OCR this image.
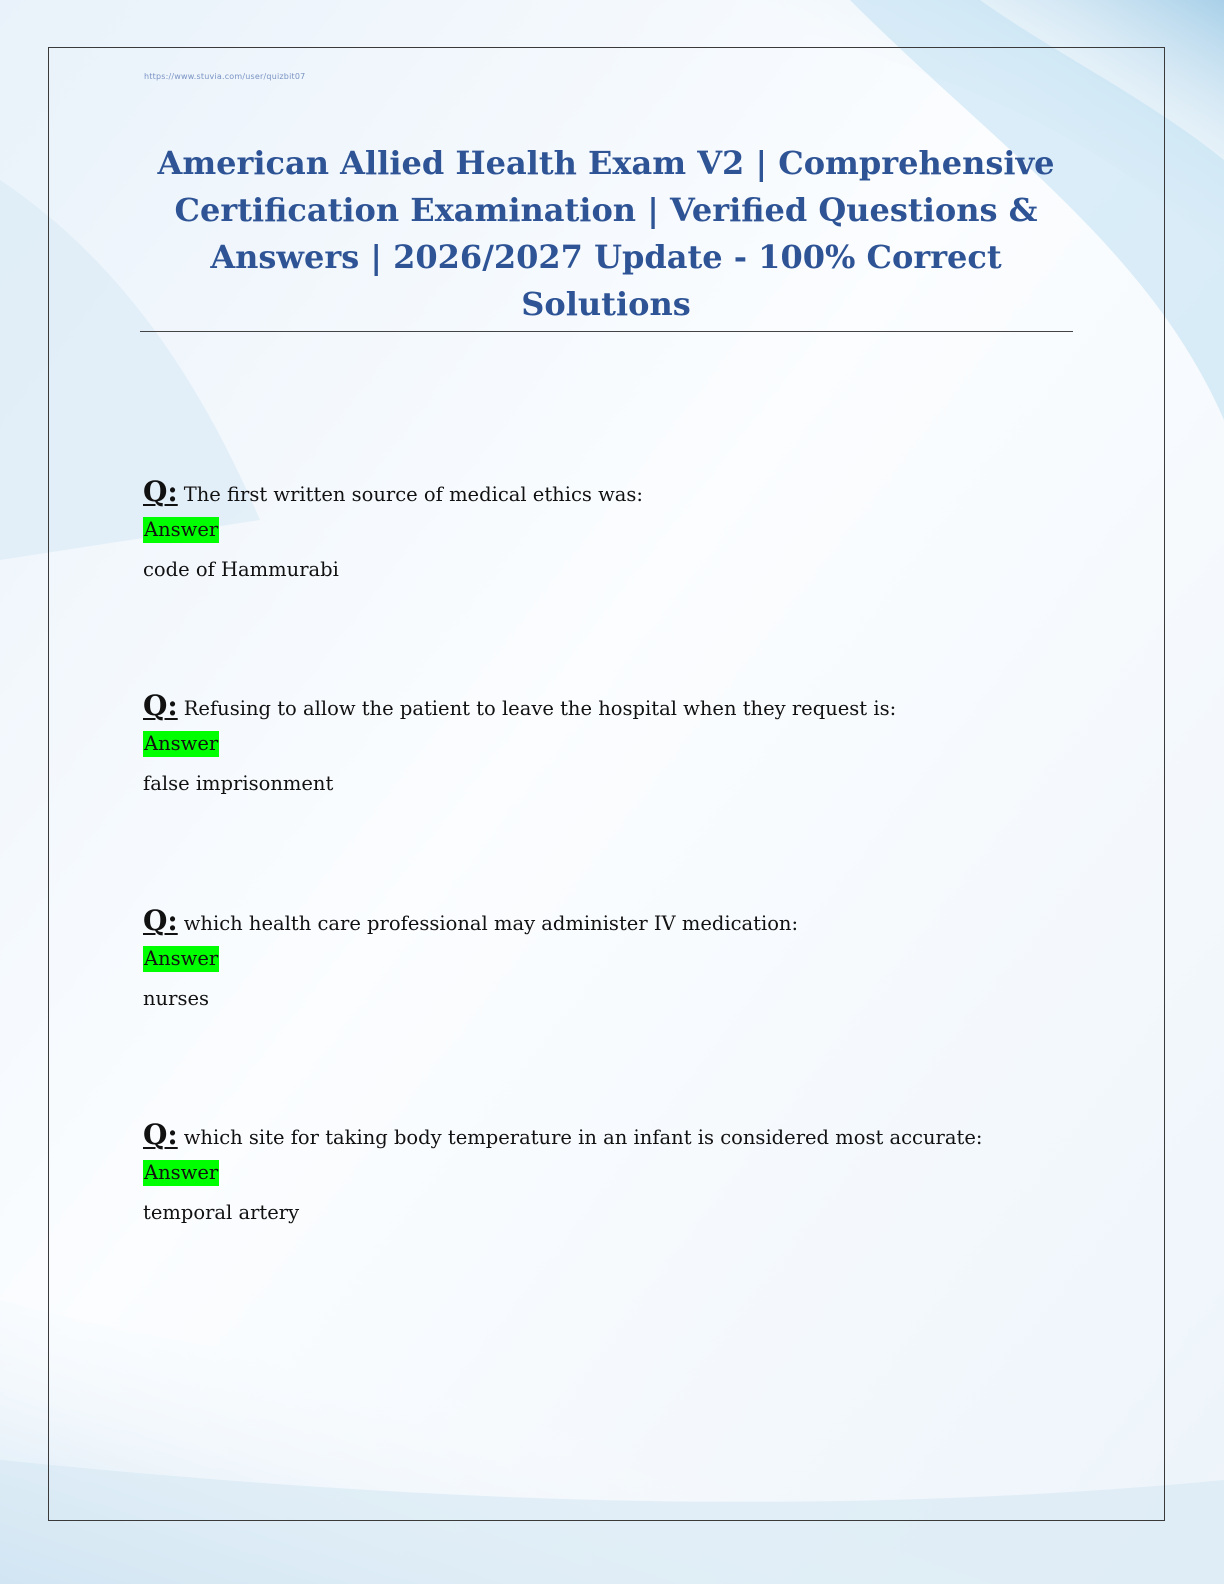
https://www.stuvia.com/user/quizbit07
American Allied Health Exam V2 | Comprehensive Certification Examination | Verified Questions & Answers | 2026/2027 Update - 100% Correct Solutions
Q: The first written source of medical ethics was:
Answer
code of Hammurabi
Q: Refusing to allow the patient to leave the hospital when they request is:
Answer
false imprisonment
Q: which health care professional may administer IV medication:
Answer
nurses
Q: which site for taking body temperature in an infant is considered most accurate:
Answer
temporal artery
